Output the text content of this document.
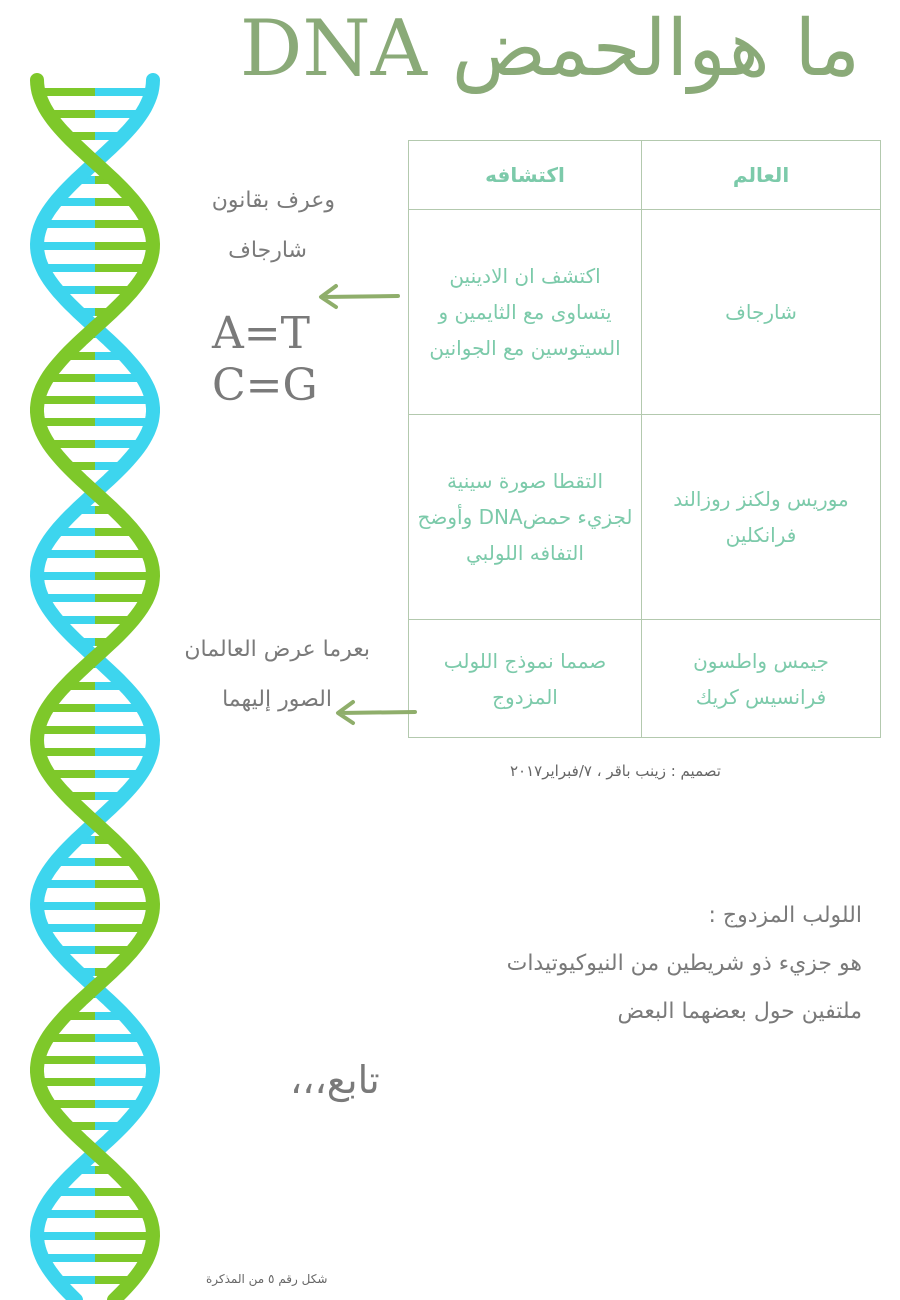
ما هوالحمض DNA
العالم	اكتشافه
شارجاف	اكتشف ان الادينين يتساوى مع الثايمين و السيتوسين مع الجوانين
موريس ولكنز روزالند فرانكلين	التقطا صورة سينية لجزيء حمضDNA وأوضح التفافه اللولبي
جيمس واطسون فرانسيس كريك	صمما نموذج اللولب المزدوج
وعرف بقانون
شارجاف
A=T
C=G
بعرما عرض العالمان
الصور إليهما
تصميم : زينب باقر ، ٧/فبراير٢٠١٧
اللولب المزدوج :
هو جزيء ذو شريطين من النيوكيوتيدات
ملتفين حول بعضهما البعض
تابع،،،
شكل رقم ٥ من المذكرة
